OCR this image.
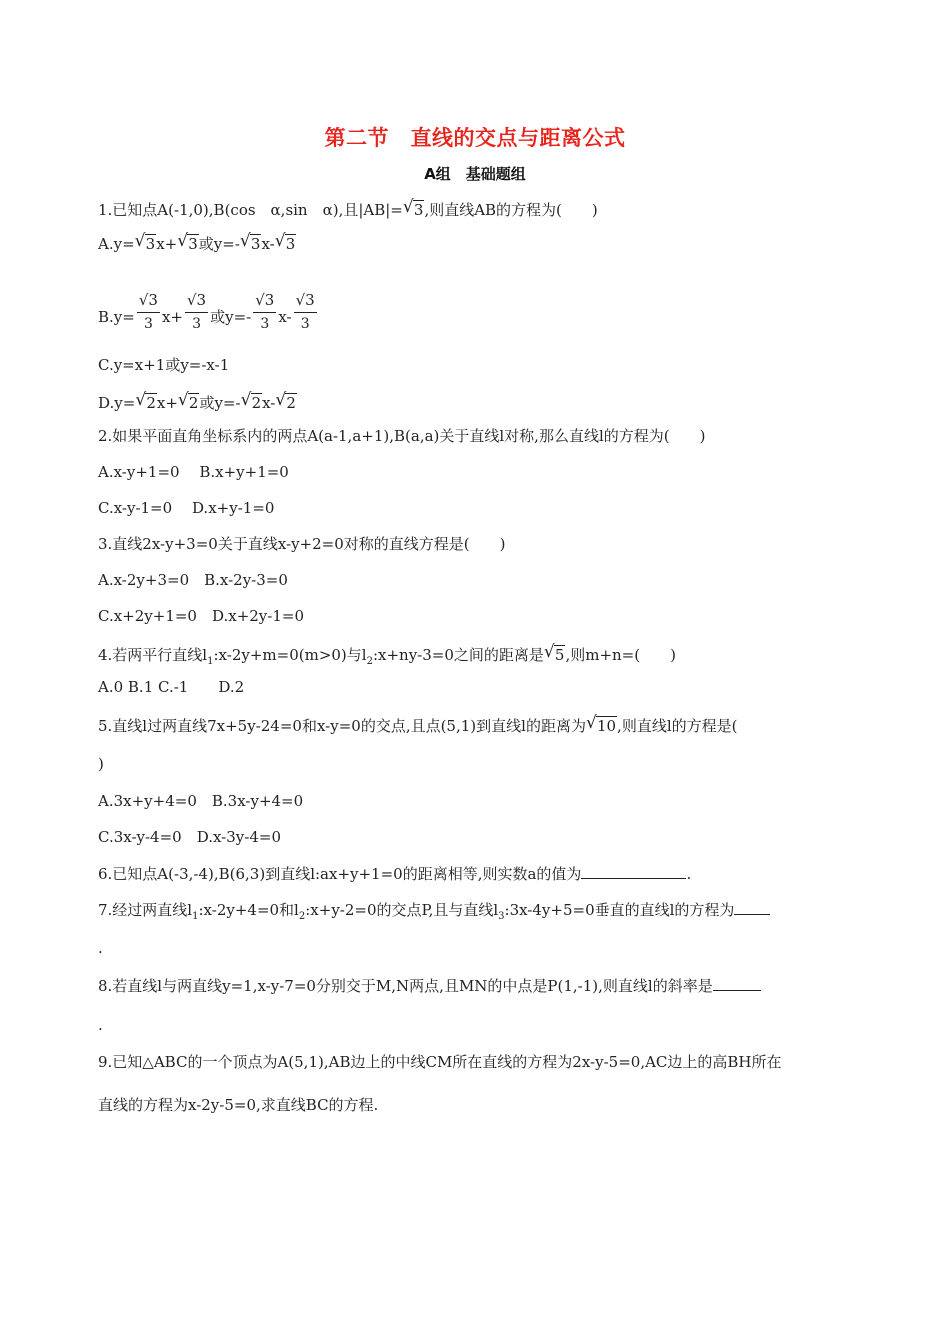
第二节　直线的交点与距离公式
A组　基础题组
1.已知点A(-1,0),B(cos　α,sin　α),且|AB|= √ 3,则直线AB的方程为(　　)
A.y= √ 3x+ √ 3或y=- √ 3x- √ 3
$B.y= \frac{√3}{3} x+ \frac{√3}{3}$ 或$y=- \frac{√3}{3} x- \frac{√3}{3}$
C.y=x+1或y=-x-1
D.y= √ 2x+ √ 2或y=- √ 2x- √ 2
2.如果平面直角坐标系内的两点A(a-1,a+1),B(a,a)关于直线l对称,那么直线l的方程为(　　)
A.x-y+1=0　 B.x+y+1=0
C.x-y-1=0　 D.x+y-1=0
3.直线2x-y+3=0关于直线x-y+2=0对称的直线方程是(　　)
A.x-2y+3=0　B.x-2y-3=0
C.x+2y+1=0　D.x+2y-1=0
4.若两平行直线$l_1:x-2y+m=0(m>0)$与$l_2:x+ny-3=0$之间的距离是 √ 5,则m+n=(　　)
A.0 B.1 C.-1　　D.2
5.直线l过两直线7x+5y-24=0和x-y=0的交点,且点(5,1)到直线l的距离为 √ 10,则直线l的方程是(
)
A.3x+y+4=0　B.3x-y+4=0
C.3x-y-4=0　D.x-3y-4=0
6.已知点A(-3,-4),B(6,3)到直线l:ax+y+1=0的距离相等,则实数a的值为	.
7.经过两直线$l_1:x-2y+4=0$和$l_2:x+y-2=0$的交点P,且与直线$l_3:3x-4y+5=0$垂直的直线l的方程为
.
8.若直线l与两直线y=1,x-y-7=0分别交于M,N两点,且MN的中点是P(1,-1),则直线l的斜率是
.
9.已知△ABC的一个顶点为A(5,1),AB边上的中线CM所在直线的方程为2x-y-5=0,AC边上的高BH所在
直线的方程为x-2y-5=0,求直线BC的方程.
